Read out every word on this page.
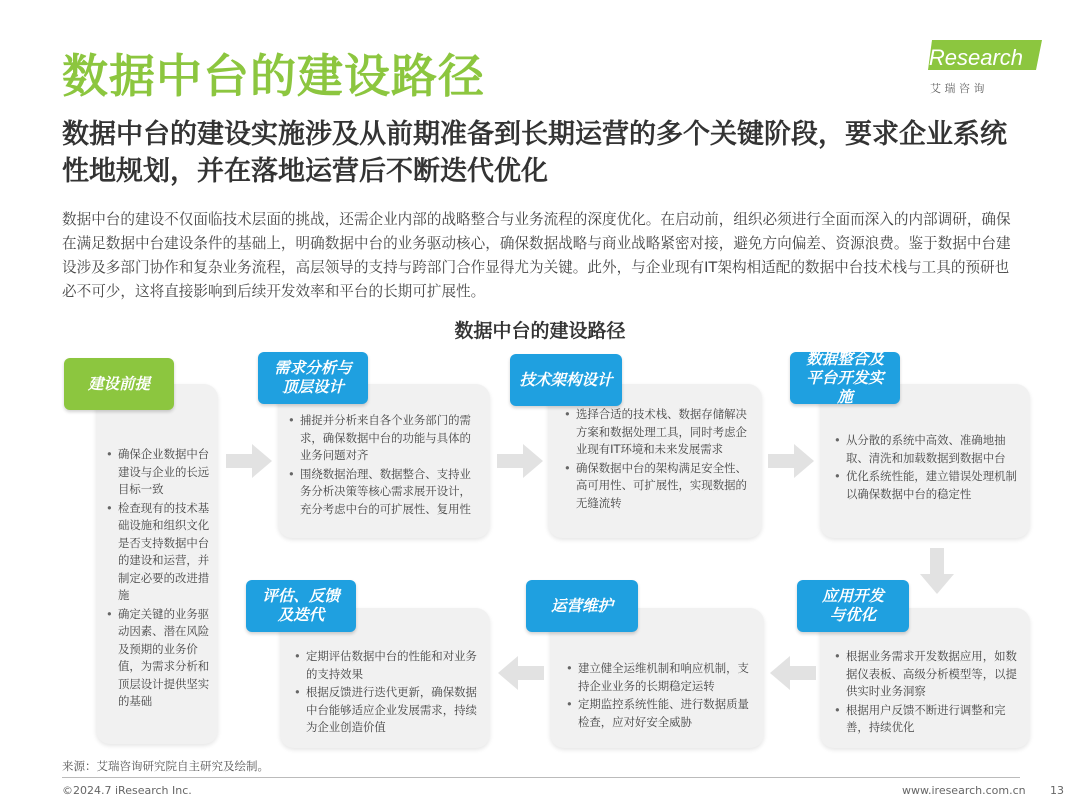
数据中台的建设路径
数据中台的建设实施涉及从前期准备到长期运营的多个关键阶段，要求企业系统性地规划，并在落地运营后不断迭代优化
数据中台的建设不仅面临技术层面的挑战，还需企业内部的战略整合与业务流程的深度优化。在启动前，组织必须进行全面而深入的内部调研，确保在满足数据中台建设条件的基础上，明确数据中台的业务驱动核心，确保数据战略与商业战略紧密对接，避免方向偏差、资源浪费。鉴于数据中台建设涉及多部门协作和复杂业务流程，高层领导的支持与跨部门合作显得尤为关键。此外，与企业现有IT架构相适配的数据中台技术栈与工具的预研也必不可少，这将直接影响到后续开发效率和平台的长期可扩展性。
iResearch
艾 瑞 咨 询
数据中台的建设路径
• 确保企业数据中台建设与企业的长远目标一致
• 检查现有的技术基础设施和组织文化是否支持数据中台的建设和运营，并制定必要的改进措施
• 确定关键的业务驱动因素、潜在风险及预期的业务价值，为需求分析和顶层设计提供坚实的基础
建设前提
• 捕捉并分析来自各个业务部门的需求，确保数据中台的功能与具体的业务问题对齐
• 围绕数据治理、数据整合、支持业务分析决策等核心需求展开设计，充分考虑中台的可扩展性、复用性
需求分析与顶层设计
• 选择合适的技术栈、数据存储解决方案和数据处理工具，同时考虑企业现有IT环境和未来发展需求
• 确保数据中台的架构满足安全性、高可用性、可扩展性，实现数据的无缝流转
技术架构设计
• 从分散的系统中高效、准确地抽取、清洗和加载数据到数据中台
• 优化系统性能，建立错误处理机制以确保数据中台的稳定性
数据整合及平台开发实施
• 根据业务需求开发数据应用，如数据仪表板、高级分析模型等，以提供实时业务洞察
• 根据用户反馈不断进行调整和完善，持续优化
应用开发与优化
• 建立健全运维机制和响应机制，支持企业业务的长期稳定运转
• 定期监控系统性能、进行数据质量检查，应对好安全威胁
运营维护
• 定期评估数据中台的性能和对业务的支持效果
• 根据反馈进行迭代更新，确保数据中台能够适应企业发展需求，持续为企业创造价值
评估、反馈及迭代
来源：艾瑞咨询研究院自主研究及绘制。
©2024.7 iResearch Inc.	www.iresearch.com.cn 13
